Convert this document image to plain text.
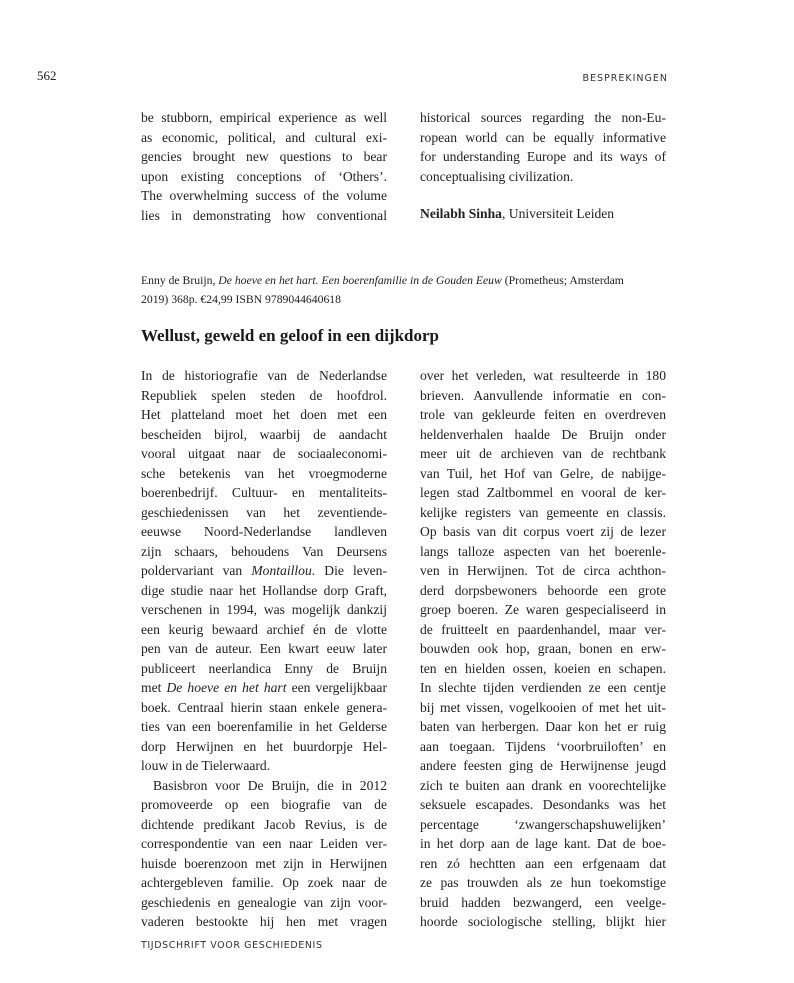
562	BESPREKINGEN
be stubborn, empirical experience as well
as economic, political, and cultural exi-
gencies brought new questions to bear
upon existing conceptions of ‘Others’.
The overwhelming success of the volume
lies in demonstrating how conventional
historical sources regarding the non-Eu-
ropean world can be equally informative
for understanding Europe and its ways of
conceptualising civilization.
Neilabh Sinha, Universiteit Leiden
Enny de Bruijn, De hoeve en het hart. Een boerenfamilie in de Gouden Eeuw (Prometheus; Amsterdam
2019) 368p. €24,99 ISBN 9789044640618
Wellust, geweld en geloof in een dijkdorp
In de historiografie van de Nederlandse
Republiek spelen steden de hoofdrol.
Het platteland moet het doen met een
bescheiden bijrol, waarbij de aandacht
vooral uitgaat naar de sociaaleconomi-
sche betekenis van het vroegmoderne
boerenbedrijf. Cultuur- en mentaliteits-
geschiedenissen van het zeventiende-
eeuwse Noord-Nederlandse landleven
zijn schaars, behoudens Van Deursens
poldervariant van Montaillou. Die leven-
dige studie naar het Hollandse dorp Graft,
verschenen in 1994, was mogelijk dankzij
een keurig bewaard archief én de vlotte
pen van de auteur. Een kwart eeuw later
publiceert neerlandica Enny de Bruijn
met De hoeve en het hart een vergelijkbaar
boek. Centraal hierin staan enkele genera-
ties van een boerenfamilie in het Gelderse
dorp Herwijnen en het buurdorpje Hel-
louw in de Tielerwaard.
Basisbron voor De Bruijn, die in 2012
promoveerde op een biografie van de
dichtende predikant Jacob Revius, is de
correspondentie van een naar Leiden ver-
huisde boerenzoon met zijn in Herwijnen
achtergebleven familie. Op zoek naar de
geschiedenis en genealogie van zijn voor-
vaderen bestookte hij hen met vragen
over het verleden, wat resulteerde in 180
brieven. Aanvullende informatie en con-
trole van gekleurde feiten en overdreven
heldenverhalen haalde De Bruijn onder
meer uit de archieven van de rechtbank
van Tuil, het Hof van Gelre, de nabijge-
legen stad Zaltbommel en vooral de ker-
kelijke registers van gemeente en classis.
Op basis van dit corpus voert zij de lezer
langs talloze aspecten van het boerenle-
ven in Herwijnen. Tot de circa achthon-
derd dorpsbewoners behoorde een grote
groep boeren. Ze waren gespecialiseerd in
de fruitteelt en paardenhandel, maar ver-
bouwden ook hop, graan, bonen en erw-
ten en hielden ossen, koeien en schapen.
In slechte tijden verdienden ze een centje
bij met vissen, vogelkooien of met het uit-
baten van herbergen. Daar kon het er ruig
aan toegaan. Tijdens ‘voorbruiloften’ en
andere feesten ging de Herwijnense jeugd
zich te buiten aan drank en voorechtelijke
seksuele escapades. Desondanks was het
percentage ‘zwangerschapshuwelijken’
in het dorp aan de lage kant. Dat de boe-
ren zó hechtten aan een erfgenaam dat
ze pas trouwden als ze hun toekomstige
bruid hadden bezwangerd, een veelge-
hoorde sociologische stelling, blijkt hier
TIJDSCHRIFT VOOR GESCHIEDENIS
